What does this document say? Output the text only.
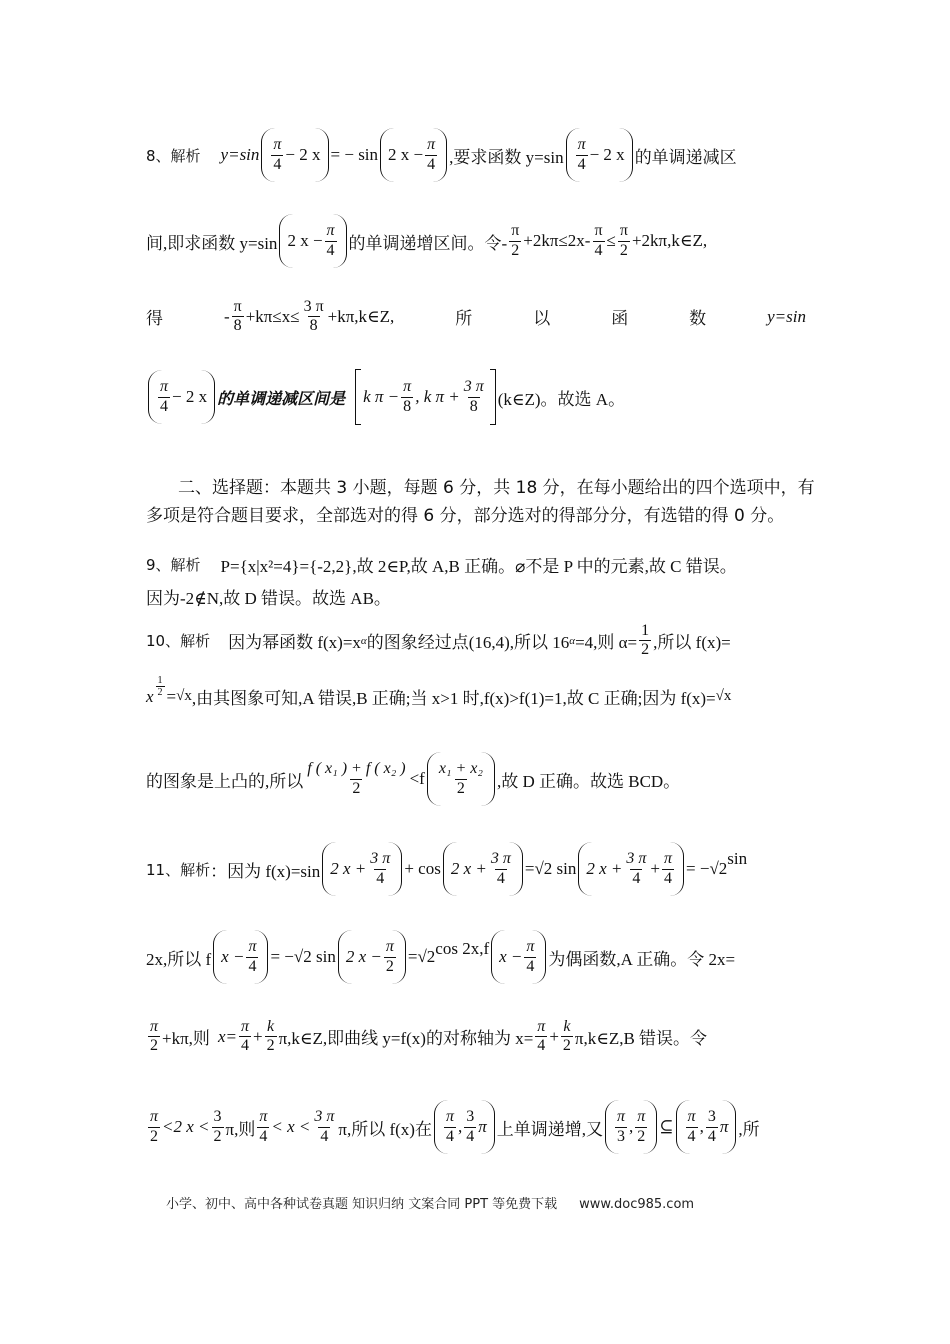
8、解析 $y=\sin \frac{\pi}{4} - 2$ x = − sin 2 $x - \frac{\pi}{4}$ ,要求函数 $y=\sin \frac{\pi}{4} - 2$ x 的单调递减区
间,即求函数 y=sin 2 $x - \frac{\pi}{4}$ 的单调递增区间。令- $\frac{\pi}{2} +2k\pi\le 2x- \frac{\pi}{4} \le \frac{\pi}{2}$ +2kπ,k∈Z,
得	- $\frac{\pi}{8} +k\pi\le x\le \frac{3 \pi}{8}$ +kπ,k∈Z,	所	以	函	数	y=sin
$\frac{\pi}{4} - 2$ x 的单调递减区间是 k $\pi - \frac{\pi}{8}$ , k $\pi + \frac{3 \pi}{8}$ (k∈Z)。故选 A。
二、选择题：本题共 3 小题，每题 6 分，共 18 分，在每小题给出的四个选项中，有多项是符合题目要求，全部选对的得 6 分，部分选对的得部分分，有选错的得 0 分。
9、解析 P={x|x²=4}={-2,2},故 2∈P,故 A,B 正确。⌀不是 P 中的元素,故 C 错误。
因为-2∉N,故 D 错误。故选 AB。
10、解析 因为幂函数 f(x)=x α 的图象经过点(16,4),所以 16 α =4,则 $\alpha= \frac{1}{2}$ ,所以 f(x)=
x $\frac{1}{2} = √x$ ,由其图象可知,A 错误,B 正确;当 x>1 时,f(x)>f(1)=1,故 C 正确;因为 f(x)= √x
的图象是上凸的,所以 $\frac{\text{f ( x₁ ) + f ( x₂ )}}{2} <f \frac{\text{x₁ + x₂}}{2}$ ,故 D 正确。故选 BCD。
11、解析 ：因为 f(x)=sin 2 $x + \frac{3 \pi}{4} + \cos 2$ $x + \frac{3 \pi}{4} =√2$ sin 2 $x + \frac{3 \pi}{4} + \frac{\pi}{4} = -√2$
sin
2x,所以 f $x - \frac{\pi}{4} = -√2$ sin 2 $x - \frac{\pi}{2} =√2$ cos 2x,f $x - \frac{\pi}{4}$ 为偶函数,A 正确。令 2x=
$\frac{\pi}{2} +k\pi$,则 $x= \frac{\pi}{4} + \frac{k}{2}$ π,k∈Z,即曲线 y=f(x)的对称轴为 $x= \frac{\pi}{4} + \frac{k}{2}$ π,k∈Z,B 错误。令
$\frac{\pi}{2} <2$ $x < \frac{3}{2} \pi$,则 $\frac{\pi}{4} < x < \frac{3 \pi}{4} \pi$,所以 f(x)在 $\frac{\pi}{4}$ , $\frac{3}{4}$ π 上单调递增,又 $\frac{\pi}{3}$ , $\frac{\pi}{2}$ ⊆ $\frac{\pi}{4}$ , $\frac{3}{4}$ π ,所
小学、初中、高中各种试卷真题 知识归纳 文案合同 PPT 等免费下载 www.doc985.com
